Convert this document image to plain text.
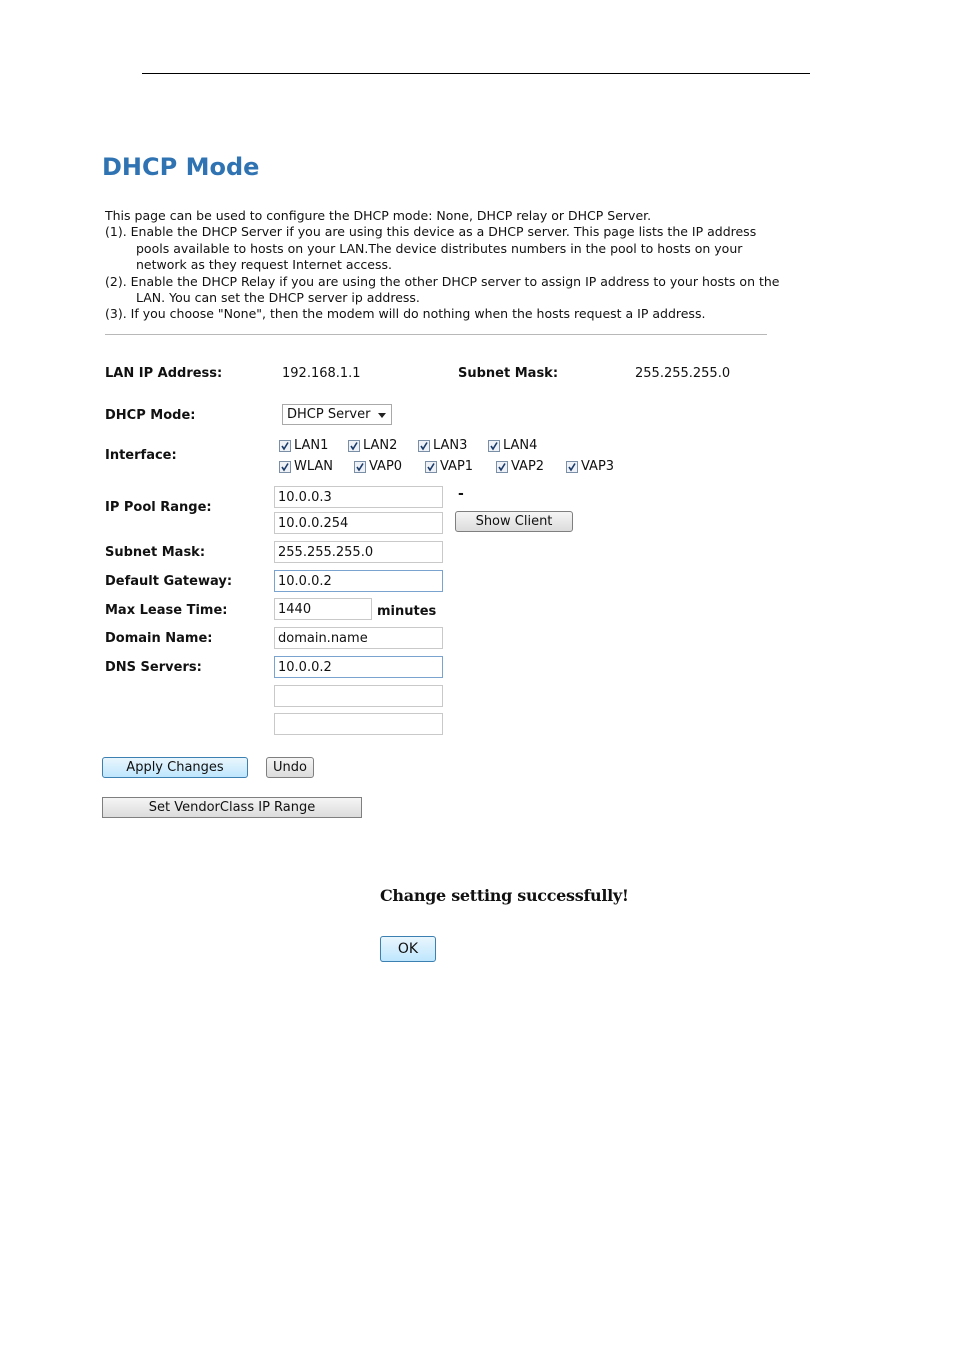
DHCP Mode

This page can be used to configure the DHCP mode: None, DHCP relay or DHCP Server.

(1). Enable the DHCP Server if you are using this device as a DHCP server. This page lists the IP address pools available to hosts on your LAN.The device distributes numbers in the pool to hosts on your network as they request Internet access.

(2). Enable the DHCP Relay if you are using the other DHCP server to assign IP address to your hosts on the LAN. You can set the DHCP server ip address.

(3). If you choose "None", then the modem will do nothing when the hosts request a IP address.

LAN IP Address:	192.168.1.1	Subnet Mask:	255.255.255.0
DHCP Mode:	DHCP Server
Interface:
LAN1	LAN2	LAN3	LAN4
WLAN	VAP0	VAP1	VAP2	VAP3
IP Pool Range:
10.0.0.3
-
10.0.0.254
Show Client
Subnet Mask:
255.255.255.0
Default Gateway:
10.0.0.2
Max Lease Time:
1440	minutes
Domain Name:
domain.name
DNS Servers:
10.0.0.2
Apply Changes	Undo
Set VendorClass IP Range
Change setting successfully!
OK
